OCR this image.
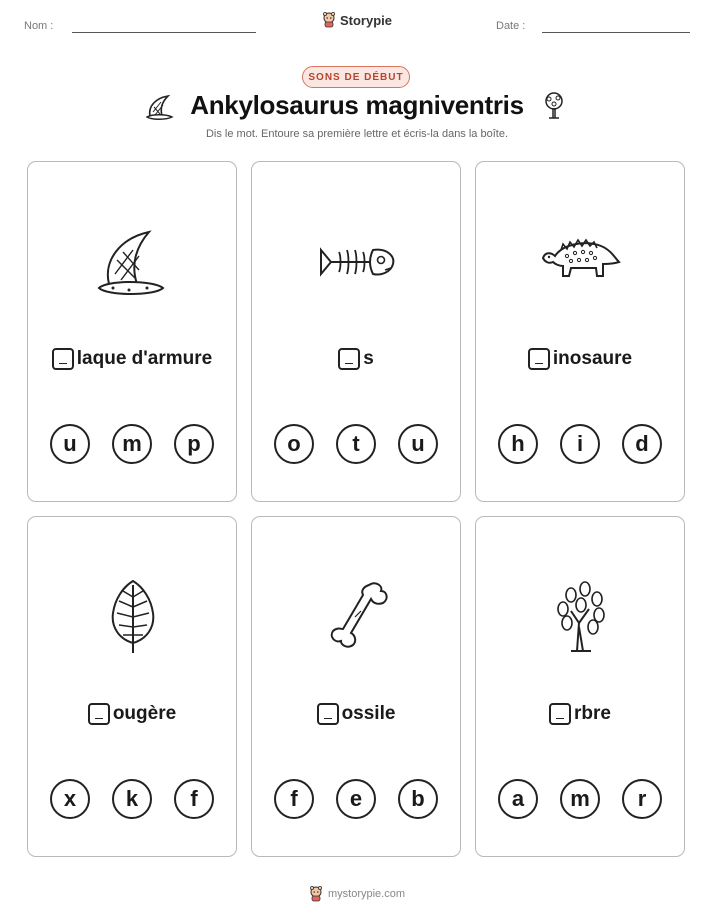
Nom :	Storypie	Date :
SONS DE DÉBUT
Ankylosaurus magniventris
Dis le mot. Entoure sa première lettre et écris-la dans la boîte.
laque d'armure
u	m	p
s
o	t	u
inosaure
h	i	d
ougère
x	k	f
ossile
f	e	b
rbre
a	m	r
mystorypie.com
